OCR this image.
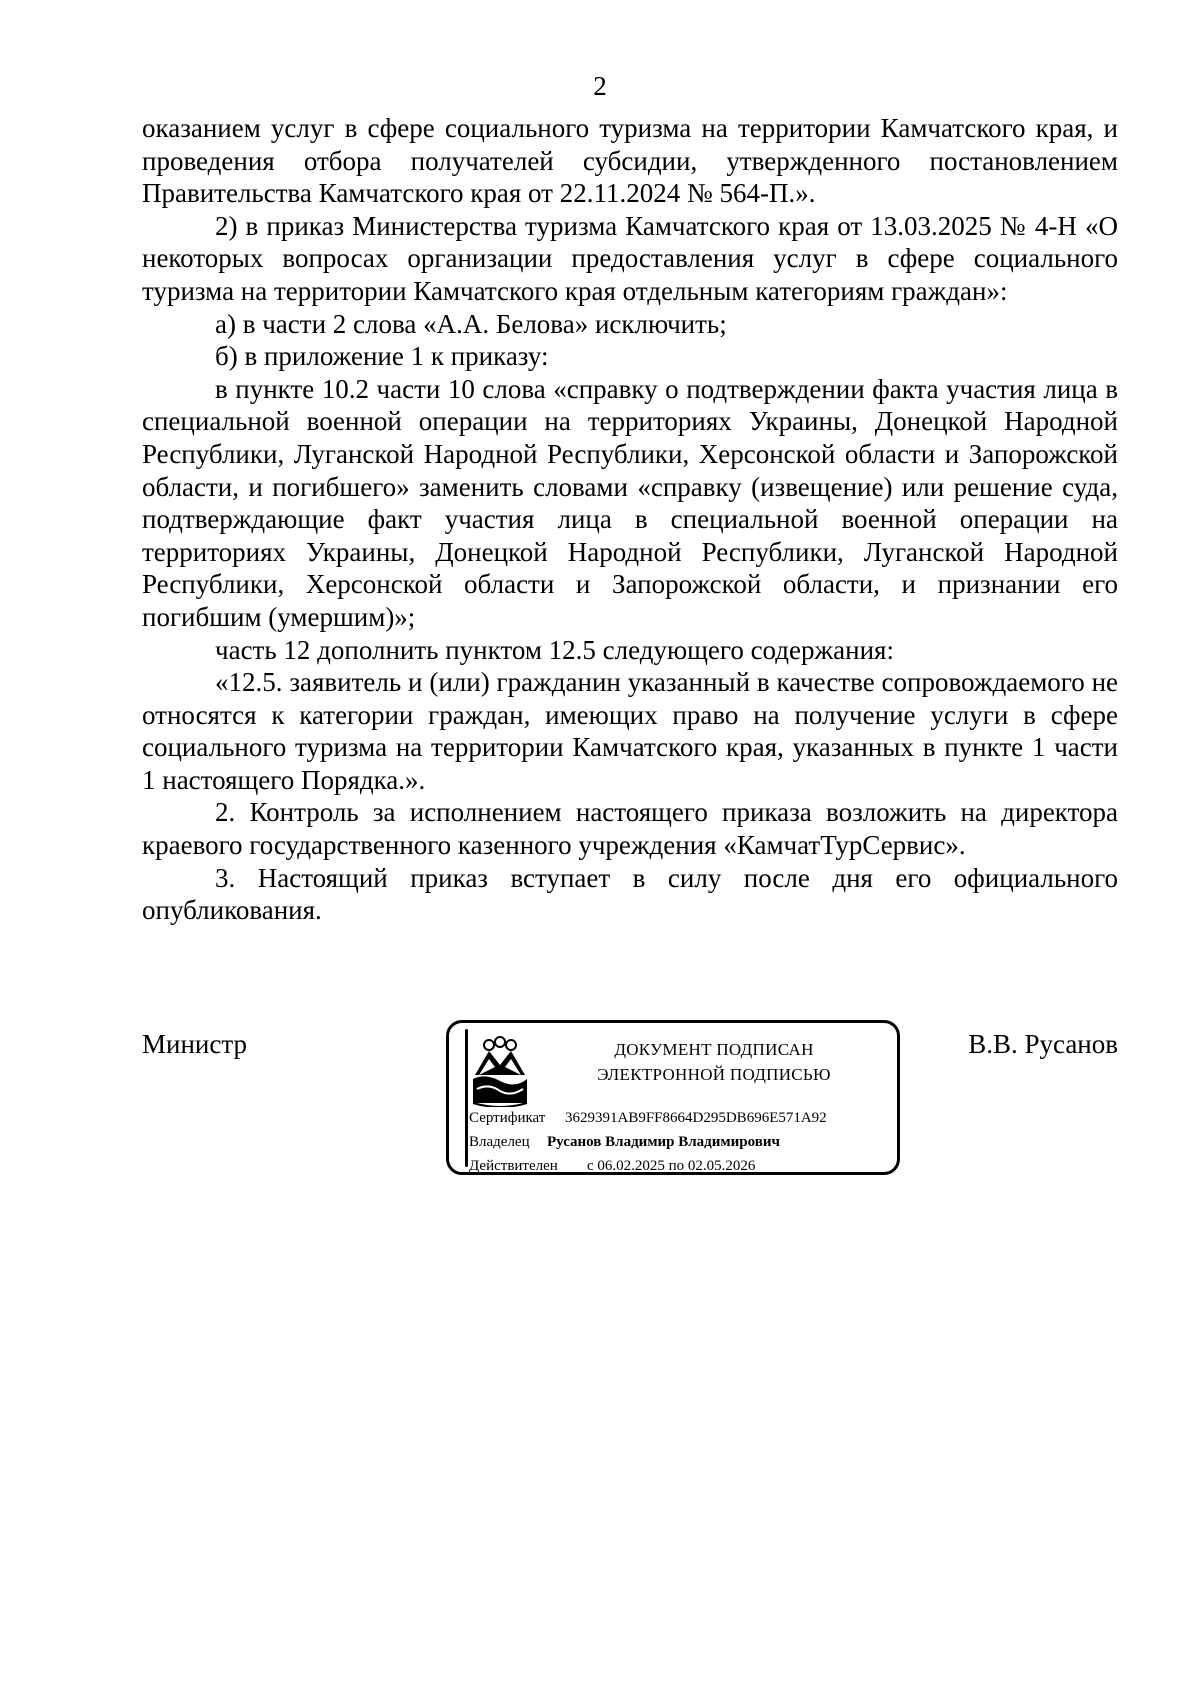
2

оказанием услуг в сфере социального туризма на территории Камчатского края, и проведения отбора получателей субсидии, утвержденного постановлением Правительства Камчатского края от 22.11.2024 № 564-П.».

2) в приказ Министерства туризма Камчатского края от 13.03.2025 № 4-Н «О некоторых вопросах организации предоставления услуг в сфере социального туризма на территории Камчатского края отдельным категориям граждан»:

а) в части 2 слова «А.А. Белова» исключить;

б) в приложение 1 к приказу:

в пункте 10.2 части 10 слова «справку о подтверждении факта участия лица в специальной военной операции на территориях Украины, Донецкой Народной Республики, Луганской Народной Республики, Херсонской области и Запорожской области, и погибшего» заменить словами «справку (извещение) или решение суда, подтверждающие факт участия лица в специальной военной операции на территориях Украины, Донецкой Народной Республики, Луганской Народной Республики, Херсонской области и Запорожской области, и признании его погибшим (умершим)»;

часть 12 дополнить пунктом 12.5 следующего содержания:

«12.5. заявитель и (или) гражданин указанный в качестве сопровождаемого не относятся к категории граждан, имеющих право на получение услуги в сфере социального туризма на территории Камчатского края, указанных в пункте 1 части 1 настоящего Порядка.».

2. Контроль за исполнением настоящего приказа возложить на директора краевого государственного казенного учреждения «КамчатТурСервис».

3. Настоящий приказ вступает в силу после дня его официального опубликования.

Министр	ДОКУМЕНТ ПОДПИСАН
ЭЛЕКТРОННОЙ ПОДПИСЬЮ
Сертификат 3629391AB9FF8664D295DB696E571A92
Владелец Русанов Владимир Владимирович
Действителен с 06.02.2025 по 02.05.2026
В.В. Русанов
